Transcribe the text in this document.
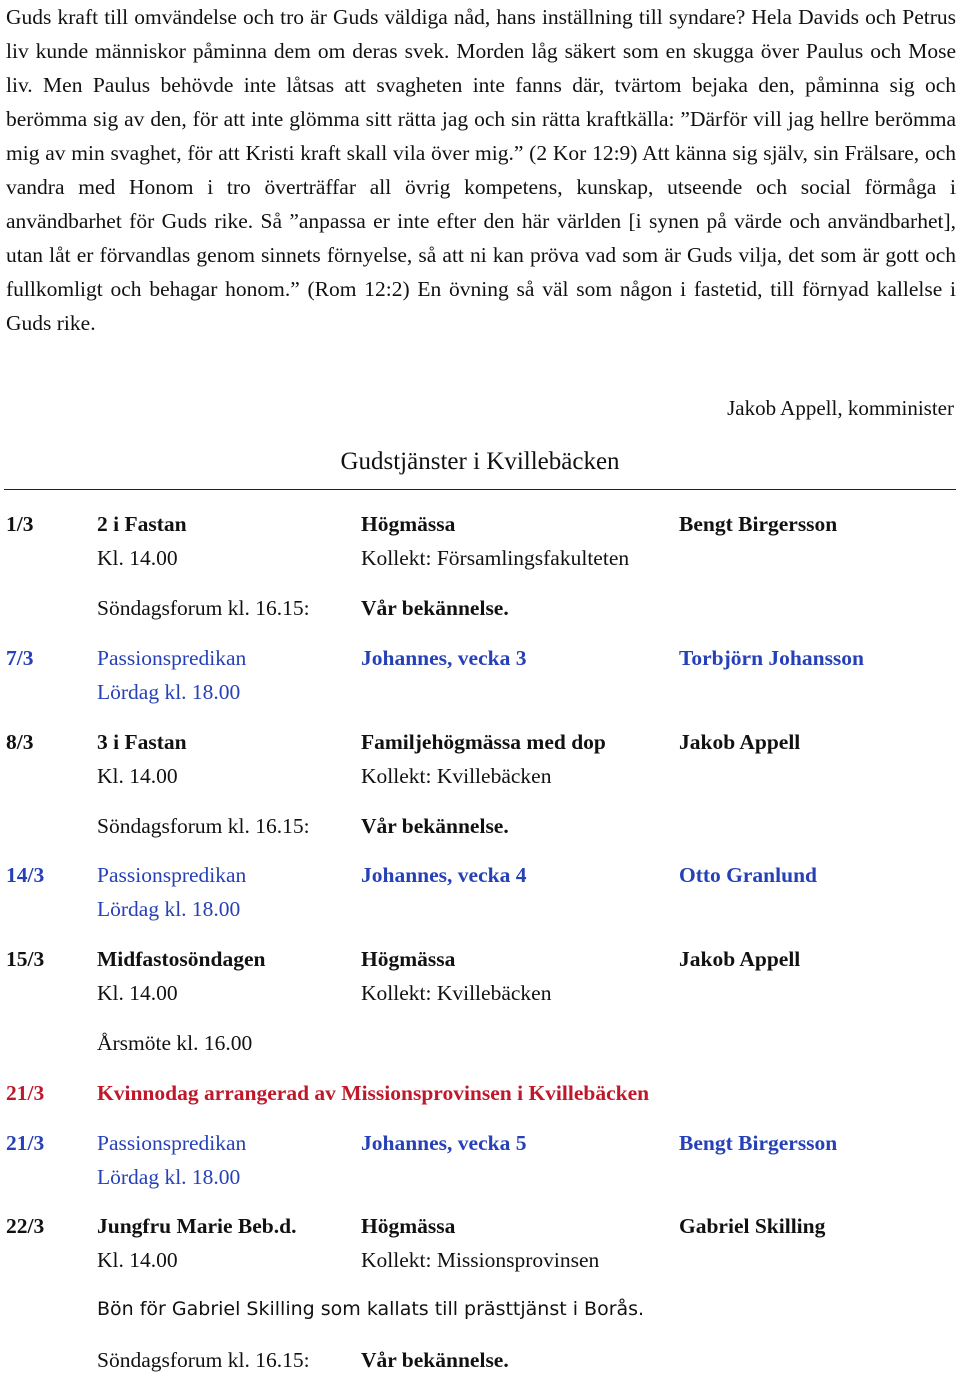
Guds kraft till omvändelse och tro är Guds väldiga nåd, hans inställning till syndare? Hela Davids och Petrus liv kunde människor påminna dem om deras svek. Morden låg säkert som en skugga över Paulus och Mose liv. Men Paulus behövde inte låtsas att svagheten inte fanns där, tvärtom bejaka den, påminna sig och berömma sig av den, för att inte glömma sitt rätta jag och sin rätta kraftkälla: ”Därför vill jag hellre berömma mig av min svaghet, för att Kristi kraft skall vila över mig.” (2 Kor 12:9) Att känna sig själv, sin Frälsare, och vandra med Honom i tro överträffar all övrig kompetens, kunskap, utseende och social förmåga i användbarhet för Guds rike. Så ”anpassa er inte efter den här världen [i synen på värde och användbarhet], utan låt er förvandlas genom sinnets förnyelse, så att ni kan pröva vad som är Guds vilja, det som är gott och fullkomligt och behagar honom.” (Rom 12:2) En övning så väl som någon i fastetid, till förnyad kallelse i Guds rike.

Jakob Appell, komminister
Gudstjänster i Kvillebäcken
1/3	2 i Fastan	Högmässa	Bengt Birgersson
Kl. 14.00	Kollekt: Församlingsfakulteten
Söndagsforum kl. 16.15: Vår bekännelse.
7/3	Passionspredikan	Johannes, vecka 3	Torbjörn Johansson
Lördag kl. 18.00
8/3	3 i Fastan	Familjehögmässa med dop	Jakob Appell
Kl. 14.00	Kollekt: Kvillebäcken
Söndagsforum kl. 16.15: Vår bekännelse.
14/3 Passionspredikan	Johannes, vecka 4	Otto Granlund
Lördag kl. 18.00
15/3 Midfastosöndagen	Högmässa	Jakob Appell
Kl. 14.00	Kollekt: Kvillebäcken
Årsmöte kl. 16.00
21/3 Kvinnodag arrangerad av Missionsprovinsen i Kvillebäcken
21/3 Passionspredikan	Johannes, vecka 5	Bengt Birgersson
Lördag kl. 18.00
22/3 Jungfru Marie Beb.d.	Högmässa	Gabriel Skilling
Kl. 14.00	Kollekt: Missionsprovinsen
Bön för Gabriel Skilling som kallats till prästtjänst i Borås.
Söndagsforum kl. 16.15: Vår bekännelse.
